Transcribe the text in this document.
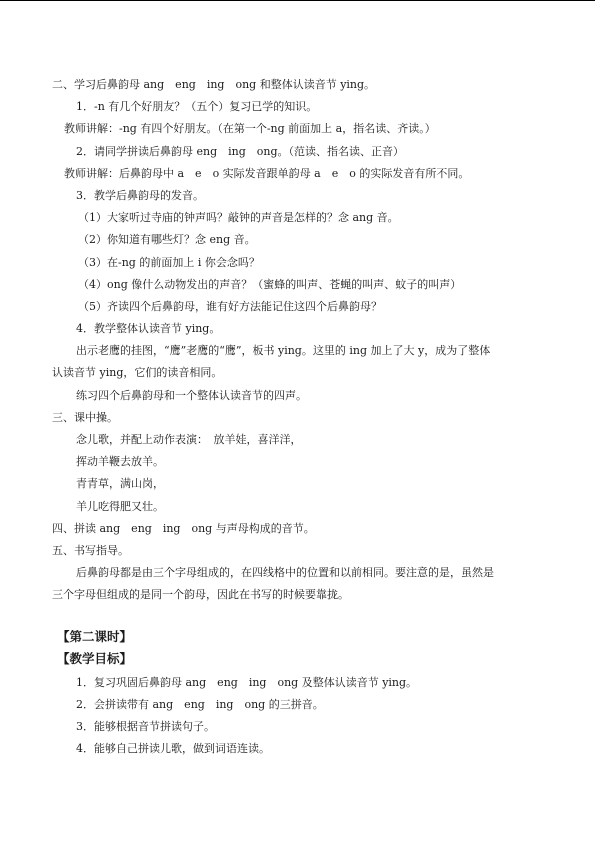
二、学习后鼻韵母 ang　eng　ing　ong 和整体认读音节 ying。
1．-n 有几个好朋友？（五个）复习已学的知识。
教师讲解：-ng 有四个好朋友。（在第一个-ng 前面加上 a，指名读、齐读。）
2．请同学拼读后鼻韵母 eng　ing　ong。（范读、指名读、正音）
教师讲解：后鼻韵母中 a　e　o 实际发音跟单韵母 a　e　o 的实际发音有所不同。
3．教学后鼻韵母的发音。
（1）大家听过寺庙的钟声吗？敲钟的声音是怎样的？念 ang 音。
（2）你知道有哪些灯？念 eng 音。
（3）在-ng 的前面加上 i 你会念吗？
（4）ong 像什么动物发出的声音？（蜜蜂的叫声、苍蝇的叫声、蚊子的叫声）
（5）齐读四个后鼻韵母，谁有好方法能记住这四个后鼻韵母？
4．教学整体认读音节 ying。
出示老鹰的挂图，“鹰”老鹰的“鹰”，板书 ying。这里的 ing 加上了大 y，成为了整体
认读音节 ying，它们的读音相同。
练习四个后鼻韵母和一个整体认读音节的四声。
三、课中操。
念儿歌，并配上动作表演：　放羊娃，喜洋洋，
挥动羊鞭去放羊。
青青草，满山岗，
羊儿吃得肥又壮。
四、拼读 ang　eng　ing　ong 与声母构成的音节。
五、书写指导。
后鼻韵母都是由三个字母组成的，在四线格中的位置和以前相同。要注意的是，虽然是
三个字母但组成的是同一个韵母，因此在书写的时候要靠拢。
【第二课时】
【教学目标】
1．复习巩固后鼻韵母 ang　eng　ing　ong 及整体认读音节 ying。
2．会拼读带有 ang　eng　ing　ong 的三拼音。
3．能够根据音节拼读句子。
4．能够自己拼读儿歌，做到词语连读。
